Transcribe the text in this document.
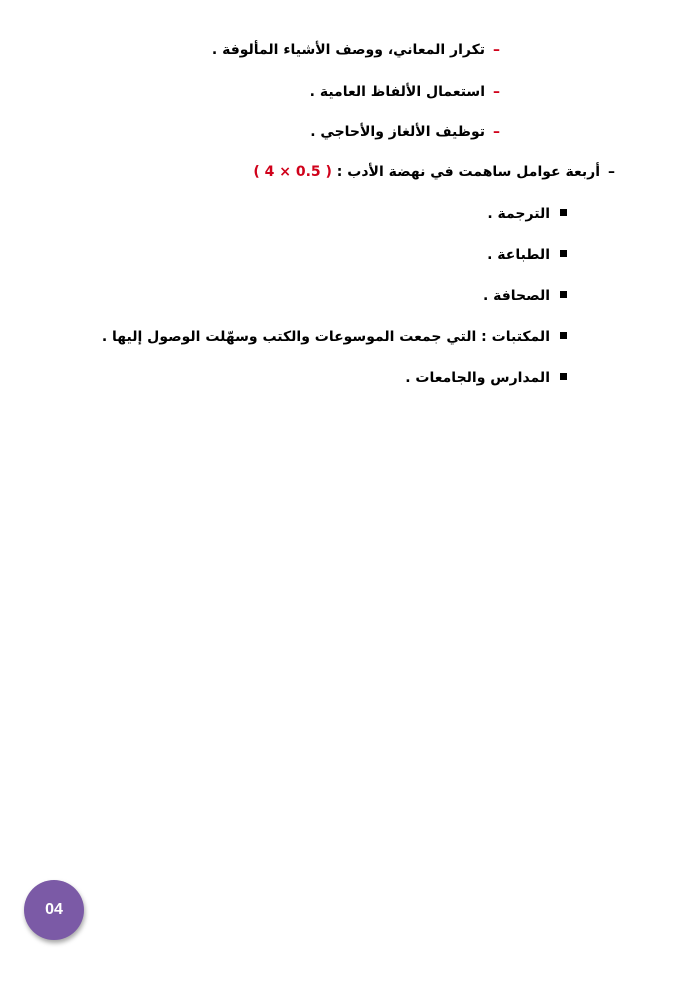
–تكرار المعاني، ووصف الأشياء المألوفة .
–استعمال الألفاظ العامية .
–توظيف الألغاز والأحاجي .
–أربعة عوامل ساهمت في نهضة الأدب : ( 4 × 0.5 )
الترجمة .
الطباعة .
الصحافة .
المكتبات : التي جمعت الموسوعات والكتب وسهّلت الوصول إليها .
المدارس والجامعات .
04
